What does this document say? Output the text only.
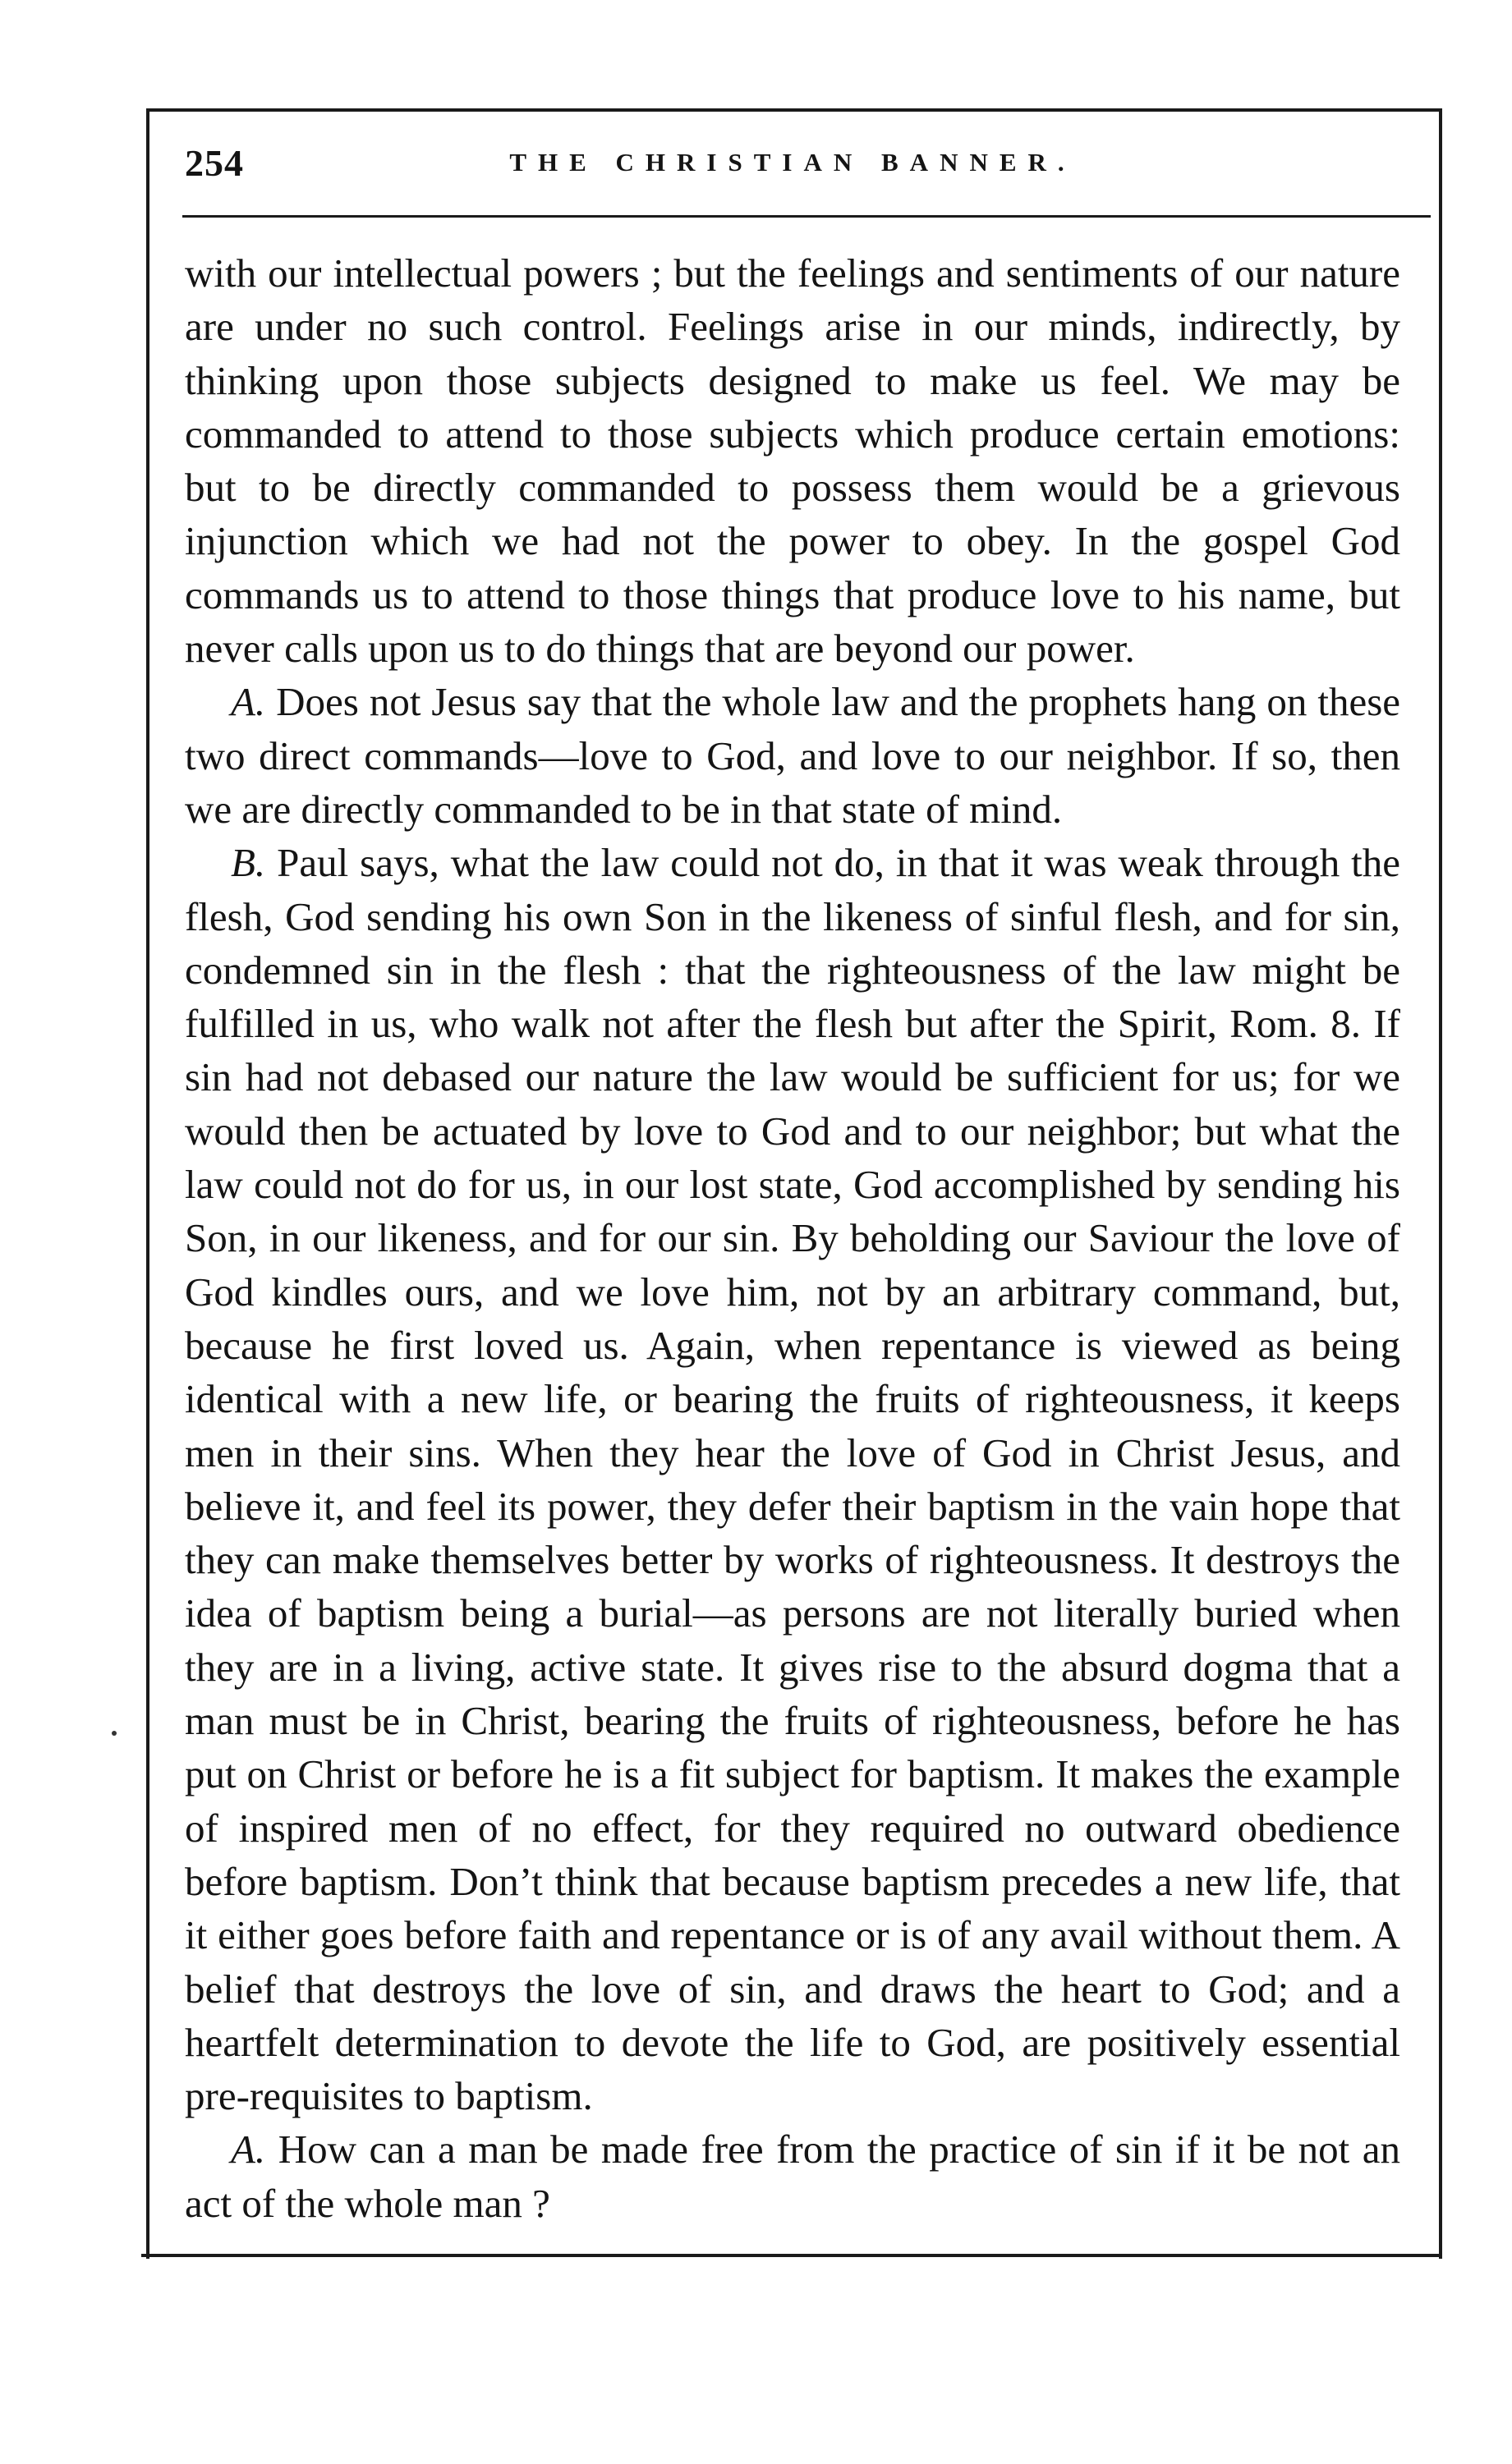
254	THE CHRISTIAN BANNER.

with our intellectual powers ; but the feelings and sentiments of our nature are under no such control. Feelings arise in our minds, indirectly, by thinking upon those subjects designed to make us feel. We may be commanded to attend to those subjects which produce certain emotions: but to be directly commanded to possess them would be a grievous injunction which we had not the power to obey. In the gospel God commands us to attend to those things that produce love to his name, but never calls upon us to do things that are beyond our power.

A. Does not Jesus say that the whole law and the prophets hang on these two direct commands—love to God, and love to our neighbor. If so, then we are directly commanded to be in that state of mind.

B. Paul says, what the law could not do, in that it was weak through the flesh, God sending his own Son in the likeness of sinful flesh, and for sin, condemned sin in the flesh : that the righteousness of the law might be fulfilled in us, who walk not after the flesh but after the Spirit, Rom. 8. If sin had not debased our nature the law would be sufficient for us; for we would then be actuated by love to God and to our neighbor; but what the law could not do for us, in our lost state, God accomplished by sending his Son, in our likeness, and for our sin. By beholding our Saviour the love of God kindles ours, and we love him, not by an arbitrary command, but, because he first loved us. Again, when repentance is viewed as being identical with a new life, or bearing the fruits of righteousness, it keeps men in their sins. When they hear the love of God in Christ Jesus, and believe it, and feel its power, they defer their baptism in the vain hope that they can make themselves better by works of righteousness. It destroys the idea of baptism being a burial—as persons are not literally buried when they are in a living, active state. It gives rise to the absurd dogma that a man must be in Christ, bearing the fruits of righteousness, before he has put on Christ or before he is a fit subject for baptism. It makes the example of inspired men of no effect, for they required no outward obedience before baptism. Don’t think that because baptism precedes a new life, that it either goes before faith and repentance or is of any avail without them. A belief that destroys the love of sin, and draws the heart to God; and a heartfelt determination to devote the life to God, are positively essential pre-requisites to baptism.

A. How can a man be made free from the practice of sin if it be not an act of the whole man ?
